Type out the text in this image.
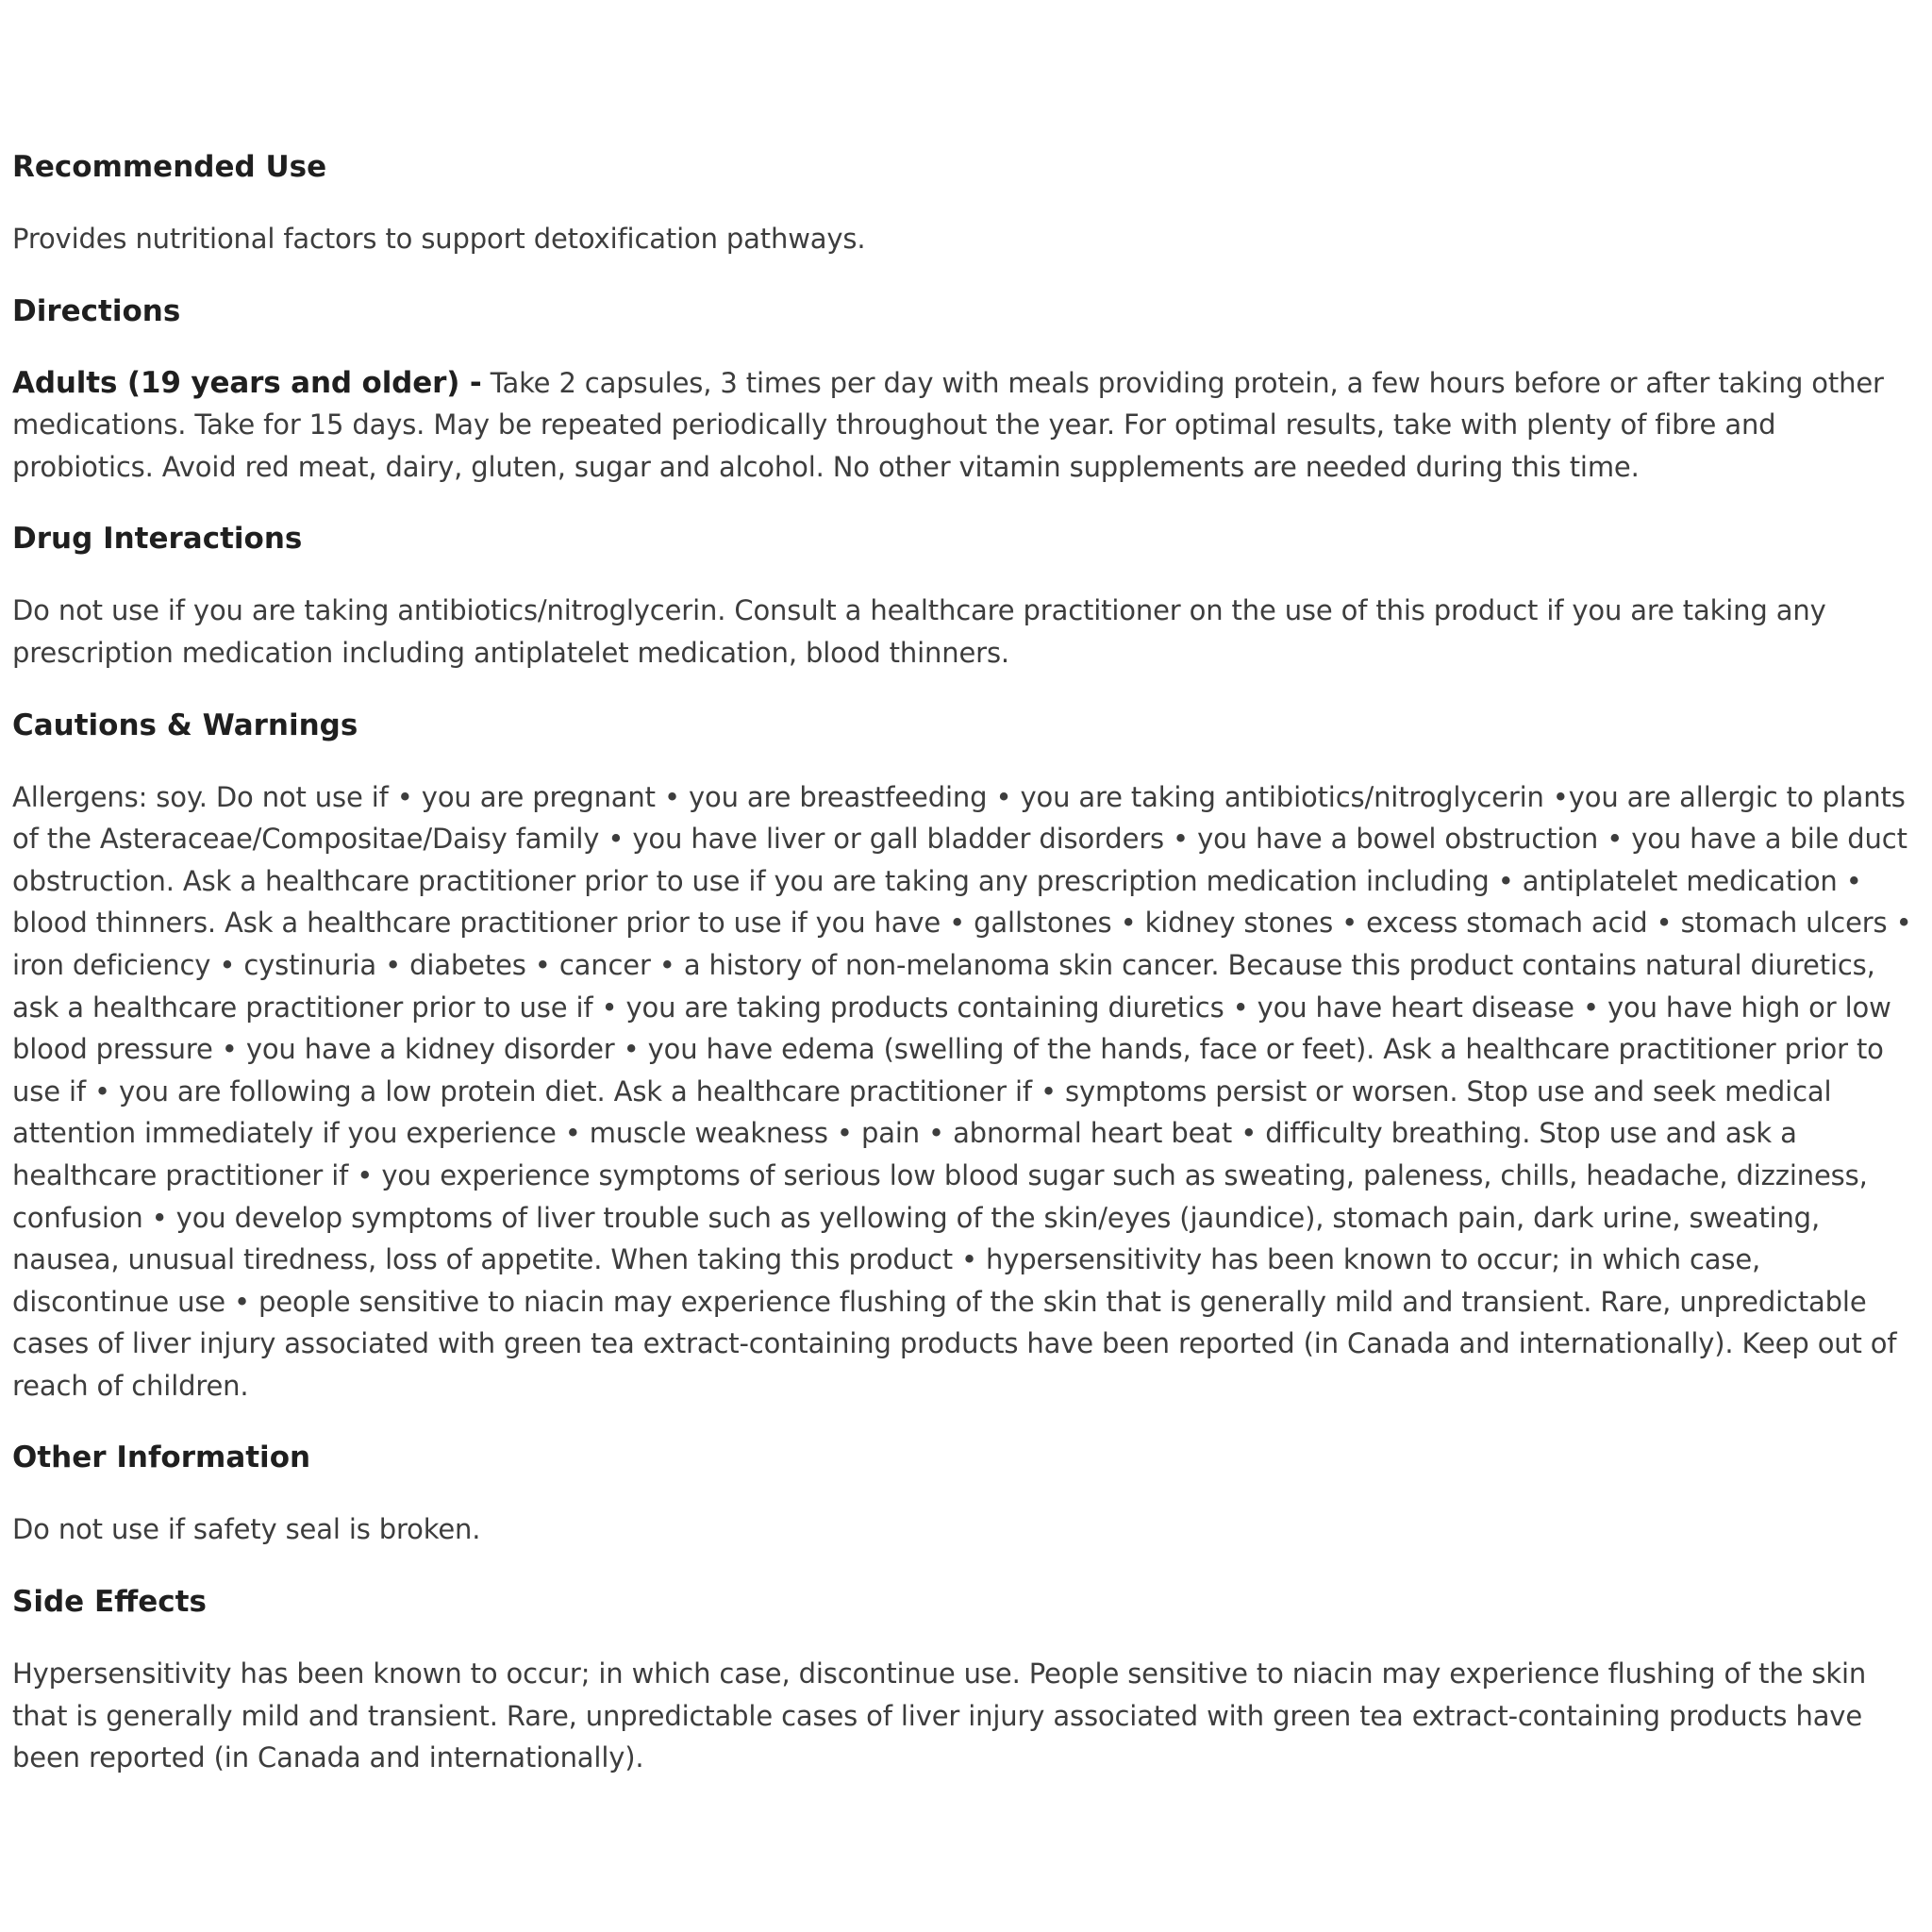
Recommended Use

Provides nutritional factors to support detoxification pathways.

Directions

Adults (19 years and older) - Take 2 capsules, 3 times per day with meals providing protein, a few hours before or after taking other medications. Take for 15 days. May be repeated periodically throughout the year. For optimal results, take with plenty of fibre and probiotics. Avoid red meat, dairy, gluten, sugar and alcohol. No other vitamin supplements are needed during this time.

Drug Interactions

Do not use if you are taking antibiotics/nitroglycerin. Consult a healthcare practitioner on the use of this product if you are taking any prescription medication including antiplatelet medication, blood thinners.

Cautions & Warnings

Allergens: soy. Do not use if • you are pregnant • you are breastfeeding • you are taking antibiotics/nitroglycerin •you are allergic to plants of the Asteraceae/Compositae/Daisy family • you have liver or gall bladder disorders • you have a bowel obstruction • you have a bile duct obstruction. Ask a healthcare practitioner prior to use if you are taking any prescription medication including • antiplatelet medication • blood thinners. Ask a healthcare practitioner prior to use if you have • gallstones • kidney stones • excess stomach acid • stomach ulcers • iron deficiency • cystinuria • diabetes • cancer • a history of non-melanoma skin cancer. Because this product contains natural diuretics, ask a healthcare practitioner prior to use if • you are taking products containing diuretics • you have heart disease • you have high or low blood pressure • you have a kidney disorder • you have edema (swelling of the hands, face or feet). Ask a healthcare practitioner prior to use if • you are following a low protein diet. Ask a healthcare practitioner if • symptoms persist or worsen. Stop use and seek medical attention immediately if you experience • muscle weakness • pain • abnormal heart beat • difficulty breathing. Stop use and ask a healthcare practitioner if • you experience symptoms of serious low blood sugar such as sweating, paleness, chills, headache, dizziness, confusion • you develop symptoms of liver trouble such as yellowing of the skin/eyes (jaundice), stomach pain, dark urine, sweating, nausea, unusual tiredness, loss of appetite. When taking this product • hypersensitivity has been known to occur; in which case, discontinue use • people sensitive to niacin may experience flushing of the skin that is generally mild and transient. Rare, unpredictable cases of liver injury associated with green tea extract-containing products have been reported (in Canada and internationally). Keep out of reach of children.

Other Information

Do not use if safety seal is broken.

Side Effects

Hypersensitivity has been known to occur; in which case, discontinue use. People sensitive to niacin may experience flushing of the skin that is generally mild and transient. Rare, unpredictable cases of liver injury associated with green tea extract-containing products have been reported (in Canada and internationally).
